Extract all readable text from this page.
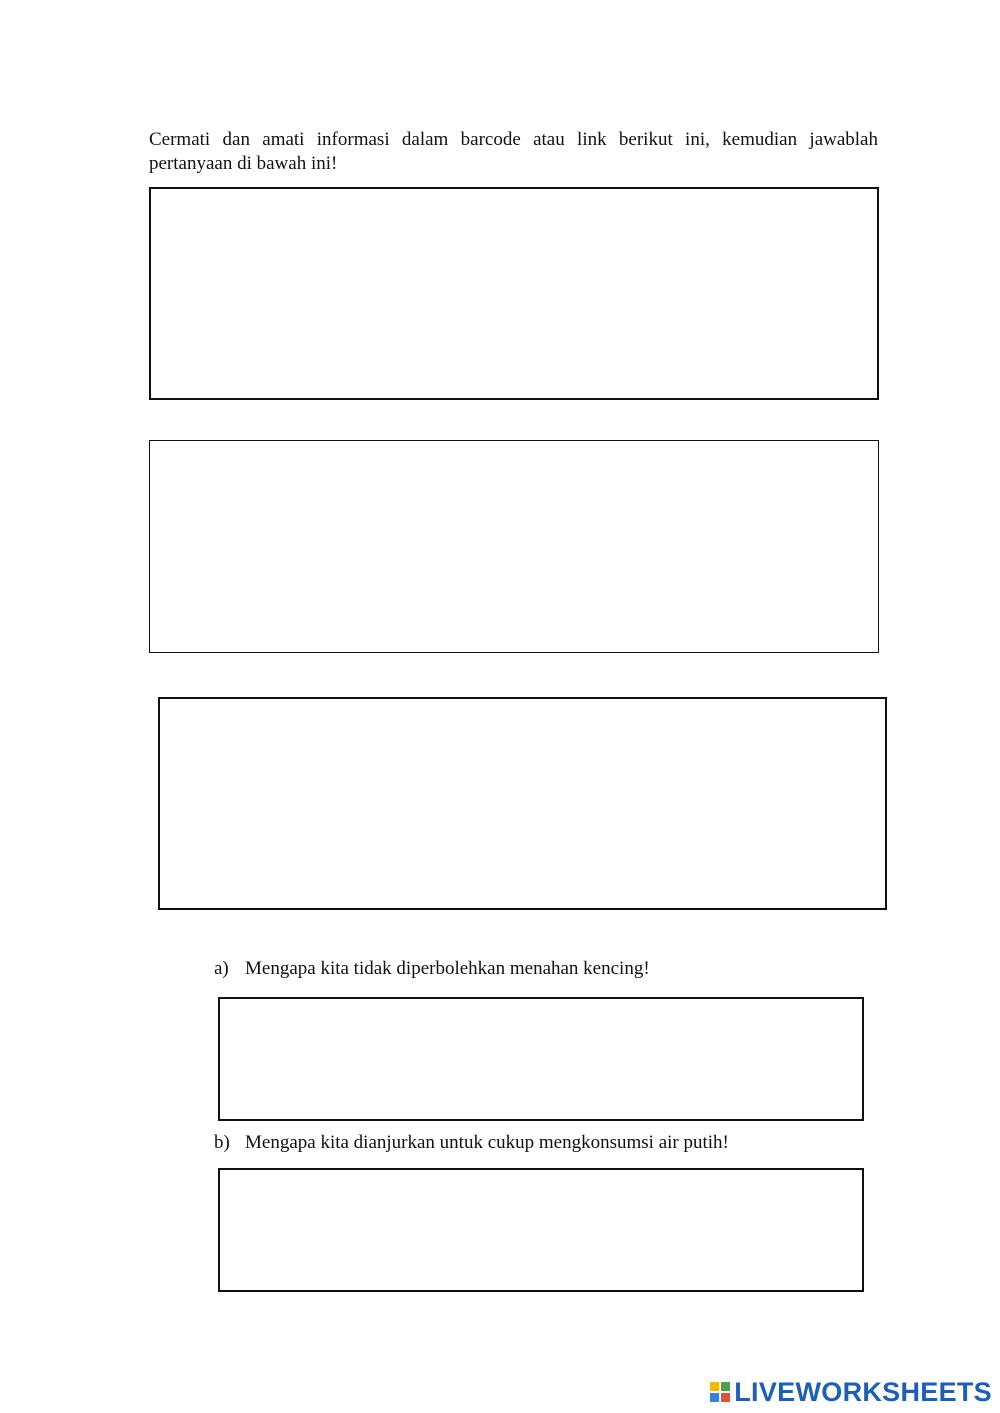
Cermati dan amati informasi dalam barcode atau link berikut ini, kemudian jawablah pertanyaan di bawah ini!

a) Mengapa kita tidak diperbolehkan menahan kencing!

b) Mengapa kita dianjurkan untuk cukup mengkonsumsi air putih!

LIVEWORKSHEETS
